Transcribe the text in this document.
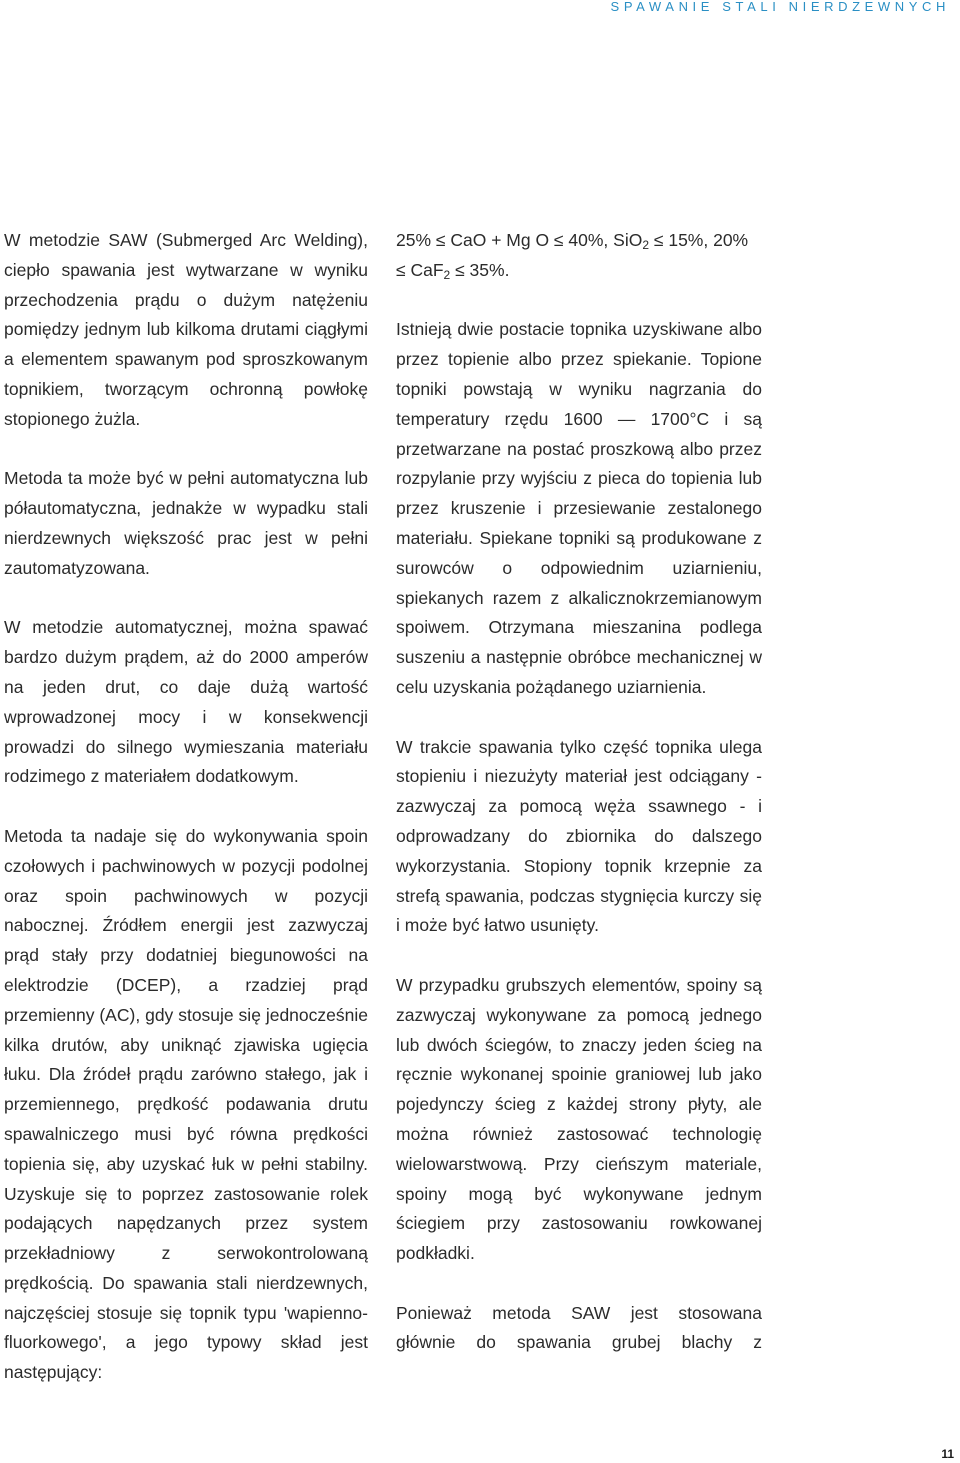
SPAWANIE STALI NIERDZEWNYCH

W metodzie SAW (Submerged Arc Welding), ciepło spawania jest wytwarzane w wyniku przechodzenia prądu o dużym natężeniu pomiędzy jednym lub kilkoma drutami ciągłymi a elementem spawanym pod sproszkowanym topnikiem, tworzącym ochronną powłokę stopionego żużla.

Metoda ta może być w pełni automatyczna lub półautomatyczna, jednakże w wypadku stali nierdzewnych większość prac jest w pełni zautomatyzowana.

W metodzie automatycznej, można spawać bardzo dużym prądem, aż do 2000 amperów na jeden drut, co daje dużą wartość wprowadzonej mocy i w konsekwencji prowadzi do silnego wymieszania materiału rodzimego z materiałem dodatkowym.

Metoda ta nadaje się do wykonywania spoin czołowych i pachwinowych w pozycji podolnej oraz spoin pachwinowych w pozycji nabocznej. Źródłem energii jest zazwyczaj prąd stały przy dodatniej biegunowości na elektrodzie (DCEP), a rzadziej prąd przemienny (AC), gdy stosuje się jednocześnie kilka drutów, aby uniknąć zjawiska ugięcia łuku. Dla źródeł prądu zarówno stałego, jak i przemiennego, prędkość podawania drutu spawalniczego musi być równa prędkości topienia się, aby uzyskać łuk w pełni stabilny. Uzyskuje się to poprzez zastosowanie rolek podających napędzanych przez system przekładniowy z serwokontrolowaną prędkością. Do spawania stali nierdzewnych, najczęściej stosuje się topnik typu 'wapienno-fluorkowego', a jego typowy skład jest następujący:

25% ≤ CaO + Mg O ≤ 40%, SiO$_2$ ≤ 15%, 20% ≤ CaF$_2$ ≤ 35%.

Istnieją dwie postacie topnika uzyskiwane albo przez topienie albo przez spiekanie. Topione topniki powstają w wyniku nagrzania do temperatury rzędu 1600 — 1700°C i są przetwarzane na postać proszkową albo przez rozpylanie przy wyjściu z pieca do topienia lub przez kruszenie i przesiewanie zestalonego materiału. Spiekane topniki są produkowane z surowców o odpowiednim uziarnieniu, spiekanych razem z alkalicznokrzemianowym spoiwem. Otrzymana mieszanina podlega suszeniu a następnie obróbce mechanicznej w celu uzyskania pożądanego uziarnienia.

W trakcie spawania tylko część topnika ulega stopieniu i niezużyty materiał jest odciągany - zazwyczaj za pomocą węża ssawnego - i odprowadzany do zbiornika do dalszego wykorzystania. Stopiony topnik krzepnie za strefą spawania, podczas stygnięcia kurczy się i może być łatwo usunięty.

W przypadku grubszych elementów, spoiny są zazwyczaj wykonywane za pomocą jednego lub dwóch ściegów, to znaczy jeden ścieg na ręcznie wykonanej spoinie graniowej lub jako pojedynczy ścieg z każdej strony płyty, ale można również zastosować technologię wielowarstwową. Przy cieńszym materiale, spoiny mogą być wykonywane jednym ściegiem przy zastosowaniu rowkowanej podkładki.

Ponieważ metoda SAW jest stosowana głównie do spawania grubej blachy z

11
